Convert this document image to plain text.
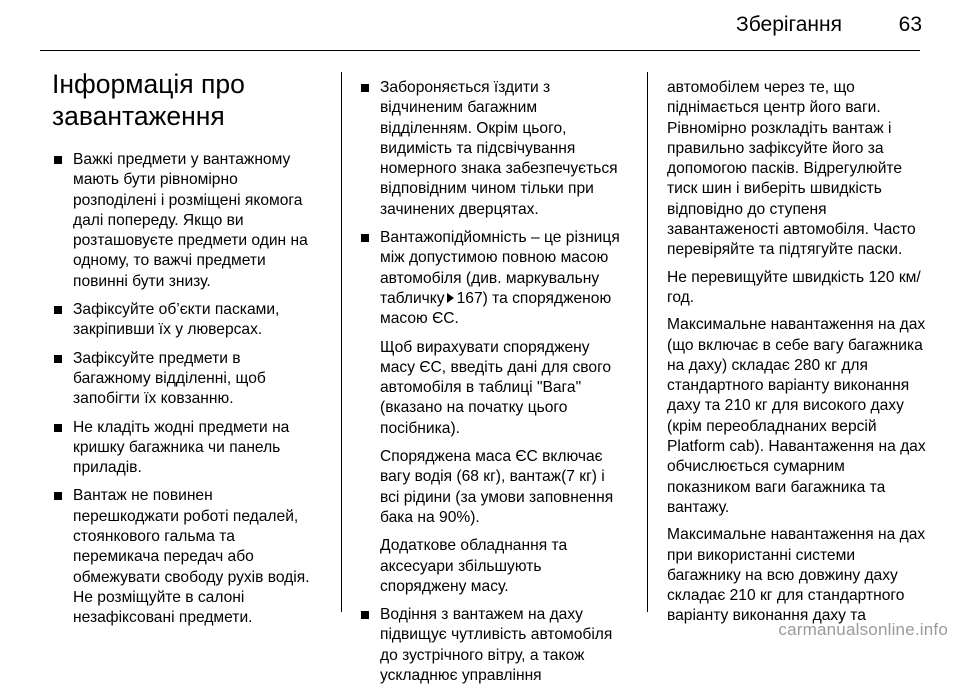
Зберігання	63
Інформація про завантаження
Важкі предмети у вантажному мають бути рівномірно розподілені і розміщені якомога далі попереду. Якщо ви розташовуєте предмети один на одному, то важчі предмети повинні бути знизу.
Зафіксуйте об’єкти пасками, закріпивши їх у люверсах.
Зафіксуйте предмети в багажному відділенні, щоб запобігти їх ковзанню.
Не кладіть жодні предмети на кришку багажника чи панель приладів.
Вантаж не повинен перешкоджати роботі педалей, стоянкового гальма та перемикача передач або обмежувати свободу рухів водія. Не розміщуйте в салоні незафіксовані предмети.
Забороняється їздити з відчиненим багажним відділенням. Окрім цього, видимість та підсвічування номерного знака забезпечується відповідним чином тільки при зачинених дверцятах.

Вантажопідйомність – це різниця між допустимою повною масою автомобіля (див. маркувальну табличку 167) та спорядженою масою ЄС.

Щоб вирахувати споряджену масу ЄС, введіть дані для свого автомобіля в таблиці "Вага" (вказано на початку цього посібника).

Споряджена маса ЄС включає вагу водія (68 кг), вантаж(7 кг) і всі рідини (за умови заповнення бака на 90%).

Додаткове обладнання та аксесуари збільшують споряджену масу.

Водіння з вантажем на даху підвищує чутливість автомобіля до зустрічного вітру, а також ускладнює управління

автомобілем через те, що піднімається центр його ваги. Рівномірно розкладіть вантаж і правильно зафіксуйте його за допомогою пасків. Відрегулюйте тиск шин і виберіть швидкість відповідно до ступеня завантаженості автомобіля. Часто перевіряйте та підтягуйте паски.

Не перевищуйте швидкість 120 км/год.

Максимальне навантаження на дах (що включає в себе вагу багажника на даху) складає 280 кг для стандартного варіанту виконання даху та 210 кг для високого даху (крім переобладнаних версій Platform cab). Навантаження на дах обчислюється сумарним показником ваги багажника та вантажу.

Максимальне навантаження на дах при використанні системи багажнику на всю довжину даху складає 210 кг для стандартного варіанту виконання даху та

carmanualsonline.info
